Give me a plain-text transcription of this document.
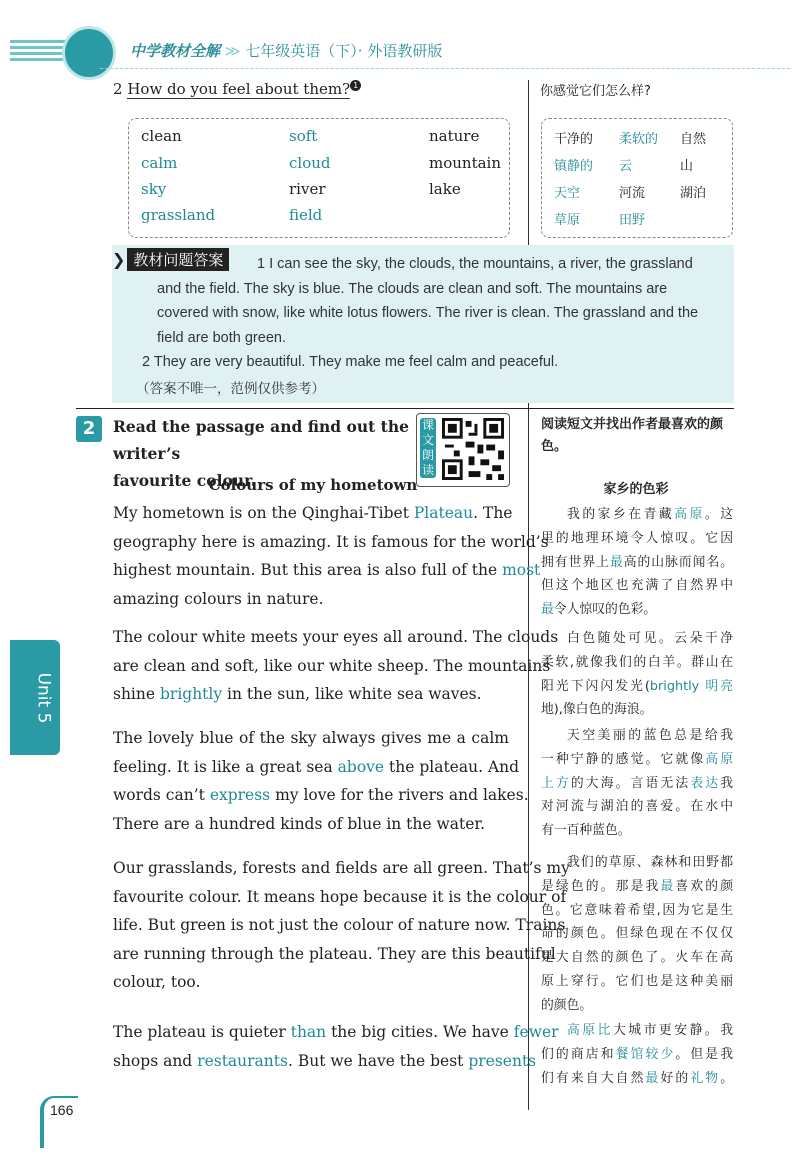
中学教材全解 ≫ 七年级英语（下）· 外语教研版
2 How do you feel about them? 1	你感觉它们怎么样?
clean	soft	nature
calm	cloud	mountain
sky	river	lake
grassland	field
干净的 柔软的 自然
镇静的 云	山
天空	河流	湖泊
草原	田野
❯ 教材问题答案	1 I can see the sky, the clouds, the mountains, a river, the grassland
and the field. The sky is blue. The clouds are clean and soft. The mountains are
covered with snow, like white lotus flowers. The river is clean. The grassland and the
field are both green.
2 They are very beautiful. They make me feel calm and peaceful.
（答案不唯一，范例仅供参考）
2	Read the passage and find out the writer’s
favourite colour.
课文朗读
阅读短文并找出作者最喜欢的颜色。
Colours of my hometown	家乡的色彩
My hometown is on the Qinghai-Tibet Plateau. The
geography here is amazing. It is famous for the world’s
highest mountain. But this area is also full of the most
amazing colours in nature.
The colour white meets your eyes all around. The clouds
are clean and soft, like our white sheep. The mountains
shine brightly in the sun, like white sea waves.
The lovely blue of the sky always gives me a calm
feeling. It is like a great sea above the plateau. And
words can’t express my love for the rivers and lakes.
There are a hundred kinds of blue in the water.
Our grasslands, forests and fields are all green. That’s my
favourite colour. It means hope because it is the colour of
life. But green is not just the colour of nature now. Trains
are running through the plateau. They are this beautiful
colour, too.
The plateau is quieter than the big cities. We have fewer
shops and restaurants. But we have the best presents
我的家乡在青藏高原。这
里的地理环境令人惊叹。它因
拥有世界上最高的山脉而闻名。
但这个地区也充满了自然界中
最令人惊叹的色彩。
白色随处可见。云朵干净
柔软,就像我们的白羊。群山在
阳光下闪闪发光(brightly 明亮
地),像白色的海浪。
天空美丽的蓝色总是给我
一种宁静的感觉。它就像高原
上方的大海。言语无法表达我
对河流与湖泊的喜爱。在水中
有一百种蓝色。
我们的草原、森林和田野都
是绿色的。那是我最喜欢的颜
色。它意味着希望,因为它是生
命的颜色。但绿色现在不仅仅
是大自然的颜色了。火车在高
原上穿行。它们也是这种美丽
的颜色。
高原比大城市更安静。我
们的商店和餐馆较少。但是我
们有来自大自然最好的礼物。
Unit 5
166
